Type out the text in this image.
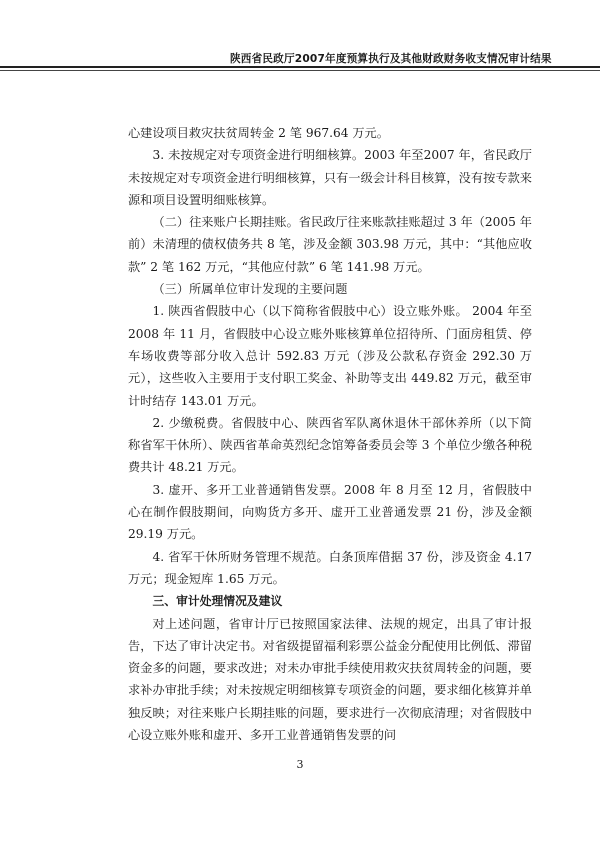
陕西省民政厅2007年度预算执行及其他财政财务收支情况审计结果

心建设项目救灾扶贫周转金 2 笔 967.64 万元。

3. 未按规定对专项资金进行明细核算。2003 年至2007 年，省民政厅未按规定对专项资金进行明细核算，只有一级会计科目核算，没有按专款来源和项目设置明细账核算。

（二）往来账户长期挂账。省民政厅往来账款挂账超过 3 年（2005 年前）未清理的债权债务共 8 笔，涉及金额 303.98 万元，其中：“其他应收款” 2 笔 162 万元，“其他应付款” 6 笔 141.98 万元。

（三）所属单位审计发现的主要问题

1. 陕西省假肢中心（以下简称省假肢中心）设立账外账。 2004 年至 2008 年 11 月，省假肢中心设立账外账核算单位招待所、门面房租赁、停车场收费等部分收入总计 592.83 万元（涉及公款私存资金 292.30 万元），这些收入主要用于支付职工奖金、补助等支出 449.82 万元，截至审计时结存 143.01 万元。

2. 少缴税费。省假肢中心、陕西省军队离休退休干部休养所（以下简称省军干休所）、陕西省革命英烈纪念馆筹备委员会等 3 个单位少缴各种税费共计 48.21 万元。

3. 虚开、多开工业普通销售发票。2008 年 8 月至 12 月，省假肢中心在制作假肢期间，向购货方多开、虚开工业普通发票 21 份，涉及金额 29.19 万元。

4. 省军干休所财务管理不规范。白条顶库借据 37 份，涉及资金 4.17 万元；现金短库 1.65 万元。

三、审计处理情况及建议

对上述问题，省审计厅已按照国家法律、法规的规定，出具了审计报告，下达了审计决定书。对省级提留福利彩票公益金分配使用比例低、滞留资金多的问题，要求改进；对未办审批手续使用救灾扶贫周转金的问题，要求补办审批手续；对未按规定明细核算专项资金的问题，要求细化核算并单独反映；对往来账户长期挂账的问题，要求进行一次彻底清理；对省假肢中心设立账外账和虚开、多开工业普通销售发票的问

3
